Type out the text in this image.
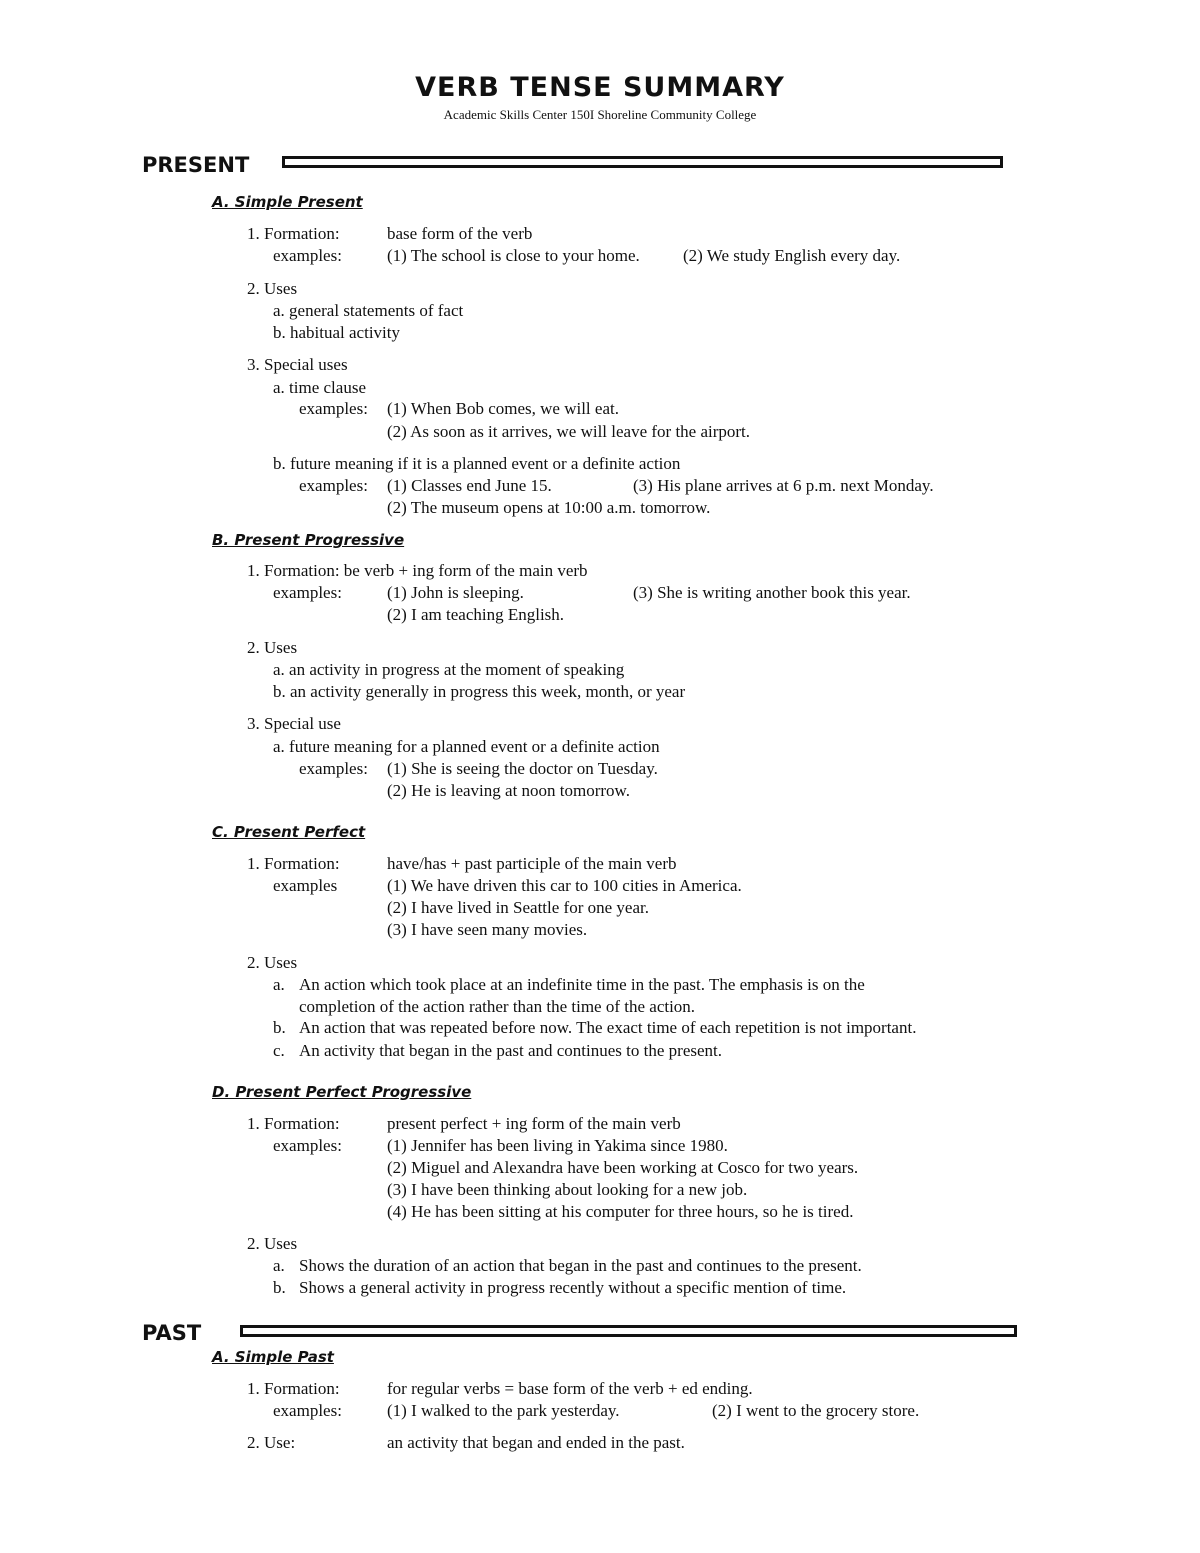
VERB TENSE SUMMARY
Academic Skills Center 150I Shoreline Community College
PRESENT
A. Simple Present
1. Formation:	base form of the verb
examples:	(1) The school is close to your home.	(2) We study English every day.
2. Uses
a. general statements of fact
b. habitual activity
3. Special uses
a. time clause
examples: (1) When Bob comes, we will eat.
(2) As soon as it arrives, we will leave for the airport.
b. future meaning if it is a planned event or a definite action
examples: (1) Classes end June 15.	(3) His plane arrives at 6 p.m. next Monday.
(2) The museum opens at 10:00 a.m. tomorrow.
B. Present Progressive
1. Formation: be verb + ing form of the main verb
examples:	(1) John is sleeping.	(3) She is writing another book this year.
(2) I am teaching English.
2. Uses
a. an activity in progress at the moment of speaking
b. an activity generally in progress this week, month, or year
3. Special use
a. future meaning for a planned event or a definite action
examples: (1) She is seeing the doctor on Tuesday.
(2) He is leaving at noon tomorrow.
C. Present Perfect
1. Formation:	have/has + past participle of the main verb
examples	(1) We have driven this car to 100 cities in America.
(2) I have lived in Seattle for one year.
(3) I have seen many movies.
2. Uses
a. An action which took place at an indefinite time in the past. The emphasis is on the
completion of the action rather than the time of the action.
b. An action that was repeated before now. The exact time of each repetition is not important.
c. An activity that began in the past and continues to the present.
D. Present Perfect Progressive
1. Formation:	present perfect + ing form of the main verb
examples:	(1) Jennifer has been living in Yakima since 1980.
(2) Miguel and Alexandra have been working at Cosco for two years.
(3) I have been thinking about looking for a new job.
(4) He has been sitting at his computer for three hours, so he is tired.
2. Uses
a. Shows the duration of an action that began in the past and continues to the present.
b. Shows a general activity in progress recently without a specific mention of time.
PAST
A. Simple Past
1. Formation:	for regular verbs = base form of the verb + ed ending.
examples:	(1) I walked to the park yesterday.	(2) I went to the grocery store.
2. Use:	an activity that began and ended in the past.
